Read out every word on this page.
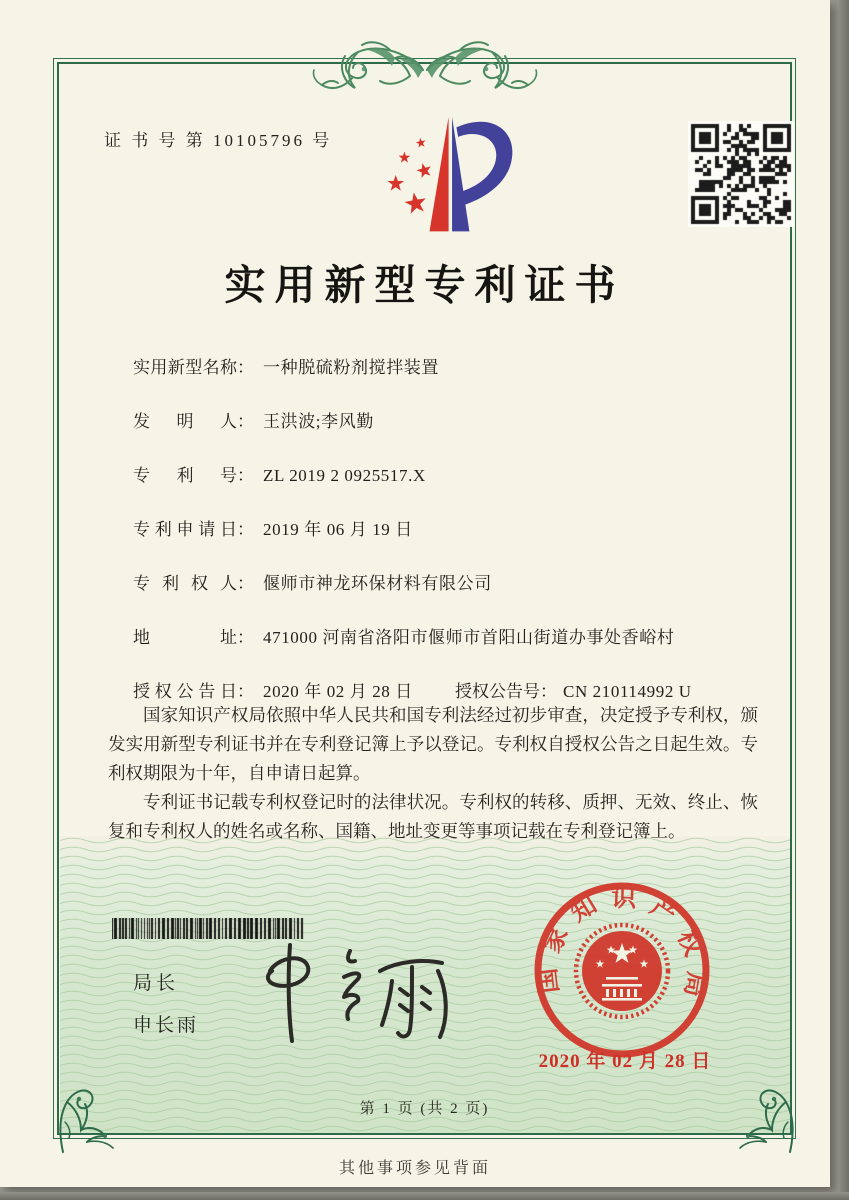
证 书 号 第 10105796 号
实用新型专利证书
实用新型名称： 一种脱硫粉剂搅拌装置
发明人： 王洪波;李风勤
专利号： ZL 2019 2 0925517.X
专利申请日： 2019 年 06 月 19 日
专利权人： 偃师市神龙环保材料有限公司
地址： 471000 河南省洛阳市偃师市首阳山街道办事处香峪村
授权公告日： 2020 年 02 月 28 日 授权公告号： CN 210114992 U

国家知识产权局依照中华人民共和国专利法经过初步审查，决定授予专利权，颁发实用新型专利证书并在专利登记簿上予以登记。专利权自授权公告之日起生效。专利权期限为十年，自申请日起算。

专利证书记载专利权登记时的法律状况。专利权的转移、质押、无效、终止、恢复和专利权人的姓名或名称、国籍、地址变更等事项记载在专利登记簿上。

局长
申长雨
国家知识产权局
2020 年 02 月 28 日
第 1 页 (共 2 页)
其他事项参见背面
